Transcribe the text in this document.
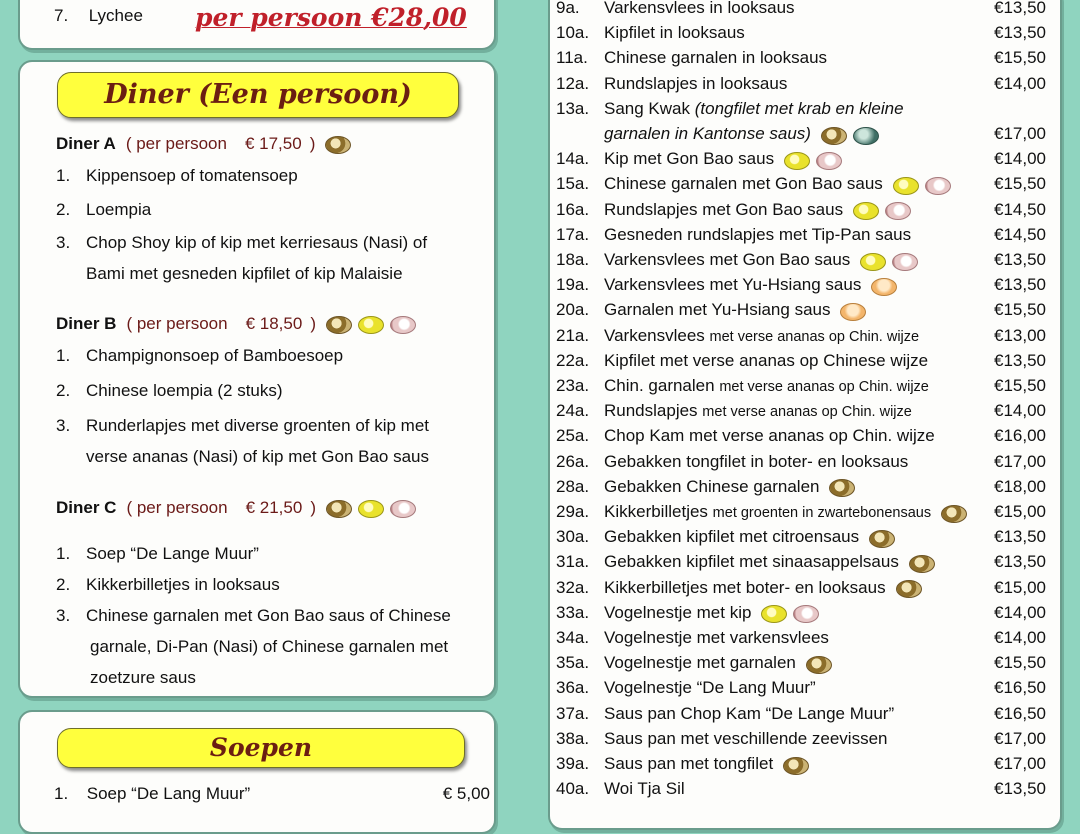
7. Lychee per persoon €28,00
Diner (Een persoon)
Diner A ( per persoon € 17,50 )
1. Kippensoep of tomatensoep
2. Loempia
3. Chop Shoy kip of kip met kerriesaus (Nasi) of
Bami met gesneden kipfilet of kip Malaisie
Diner B ( per persoon € 18,50 )
1. Champignonsoep of Bamboesoep
2. Chinese loempia (2 stuks)
3. Runderlapjes met diverse groenten of kip met
verse ananas (Nasi) of kip met Gon Bao saus
Diner C ( per persoon € 21,50 )
1. Soep “De Lange Muur”
2. Kikkerbilletjes in looksaus
3. Chinese garnalen met Gon Bao saus of Chinese
garnale, Di-Pan (Nasi) of Chinese garnalen met
zoetzure saus
Soepen
1. Soep “De Lang Muur”	€ 5,00
9a.	Varkensvlees in looksaus	€13,50
10a. Kipfilet in looksaus	€13,50
11a. Chinese garnalen in looksaus	€15,50
12a. Rundslapjes in looksaus	€14,00
13a. Sang Kwak (tongfilet met krab en kleine
garnalen in Kantonse saus)	€17,00
14a. Kip met Gon Bao saus	€14,00
15a. Chinese garnalen met Gon Bao saus	€15,50
16a. Rundslapjes met Gon Bao saus	€14,50
17a. Gesneden rundslapjes met Tip-Pan saus	€14,50
18a. Varkensvlees met Gon Bao saus	€13,50
19a. Varkensvlees met Yu-Hsiang saus	€13,50
20a. Garnalen met Yu-Hsiang saus	€15,50
21a. Varkensvlees met verse ananas op Chin. wijze	€13,00
22a. Kipfilet met verse ananas op Chinese wijze	€13,50
23a. Chin. garnalen met verse ananas op Chin. wijze	€15,50
24a. Rundslapjes met verse ananas op Chin. wijze	€14,00
25a. Chop Kam met verse ananas op Chin. wijze	€16,00
26a. Gebakken tongfilet in boter- en looksaus	€17,00
28a. Gebakken Chinese garnalen	€18,00
29a. Kikkerbilletjes met groenten in zwartebonensaus	€15,00
30a. Gebakken kipfilet met citroensaus	€13,50
31a. Gebakken kipfilet met sinaasappelsaus	€13,50
32a. Kikkerbilletjes met boter- en looksaus	€15,00
33a. Vogelnestje met kip	€14,00
34a. Vogelnestje met varkensvlees	€14,00
35a. Vogelnestje met garnalen	€15,50
36a. Vogelnestje “De Lang Muur”	€16,50
37a. Saus pan Chop Kam “De Lange Muur”	€16,50
38a. Saus pan met veschillende zeevissen	€17,00
39a. Saus pan met tongfilet	€17,00
40a. Woi Tja Sil	€13,50
